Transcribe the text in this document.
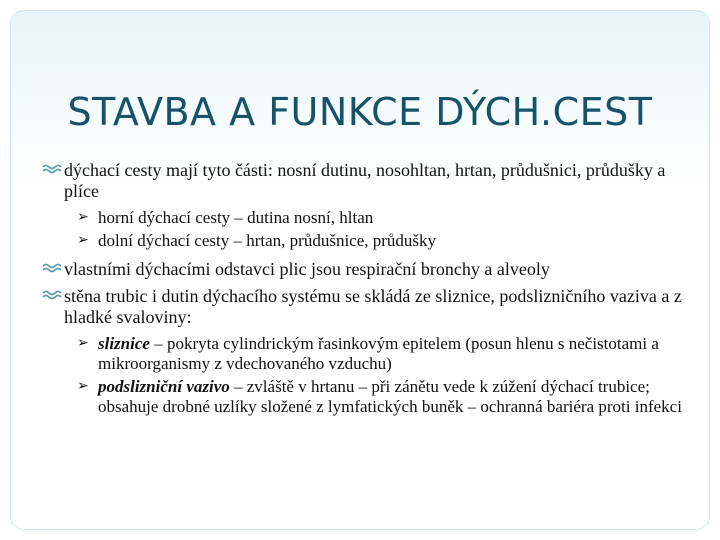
STAVBA A FUNKCE DÝCH.CEST
dýchací cesty mají tyto části: nosní dutinu, nosohltan, hrtan, průdušnici, průdušky a plíce
➢ horní dýchací cesty – dutina nosní, hltan
➢ dolní dýchací cesty – hrtan, průdušnice, průdušky
vlastními dýchacími odstavci plic jsou respirační bronchy a alveoly
stěna trubic i dutin dýchacího systému se skládá ze sliznice, podslizničního vaziva a z hladké svaloviny:
➢ sliznice – pokryta cylindrickým řasinkovým epitelem (posun hlenu s nečistotami a mikroorganismy z vdechovaného vzduchu)
➢ podslizniční vazivo – zvláště v hrtanu – při zánětu vede k zúžení dýchací trubice; obsahuje drobné uzlíky složené z lymfatických buněk – ochranná bariéra proti infekci
